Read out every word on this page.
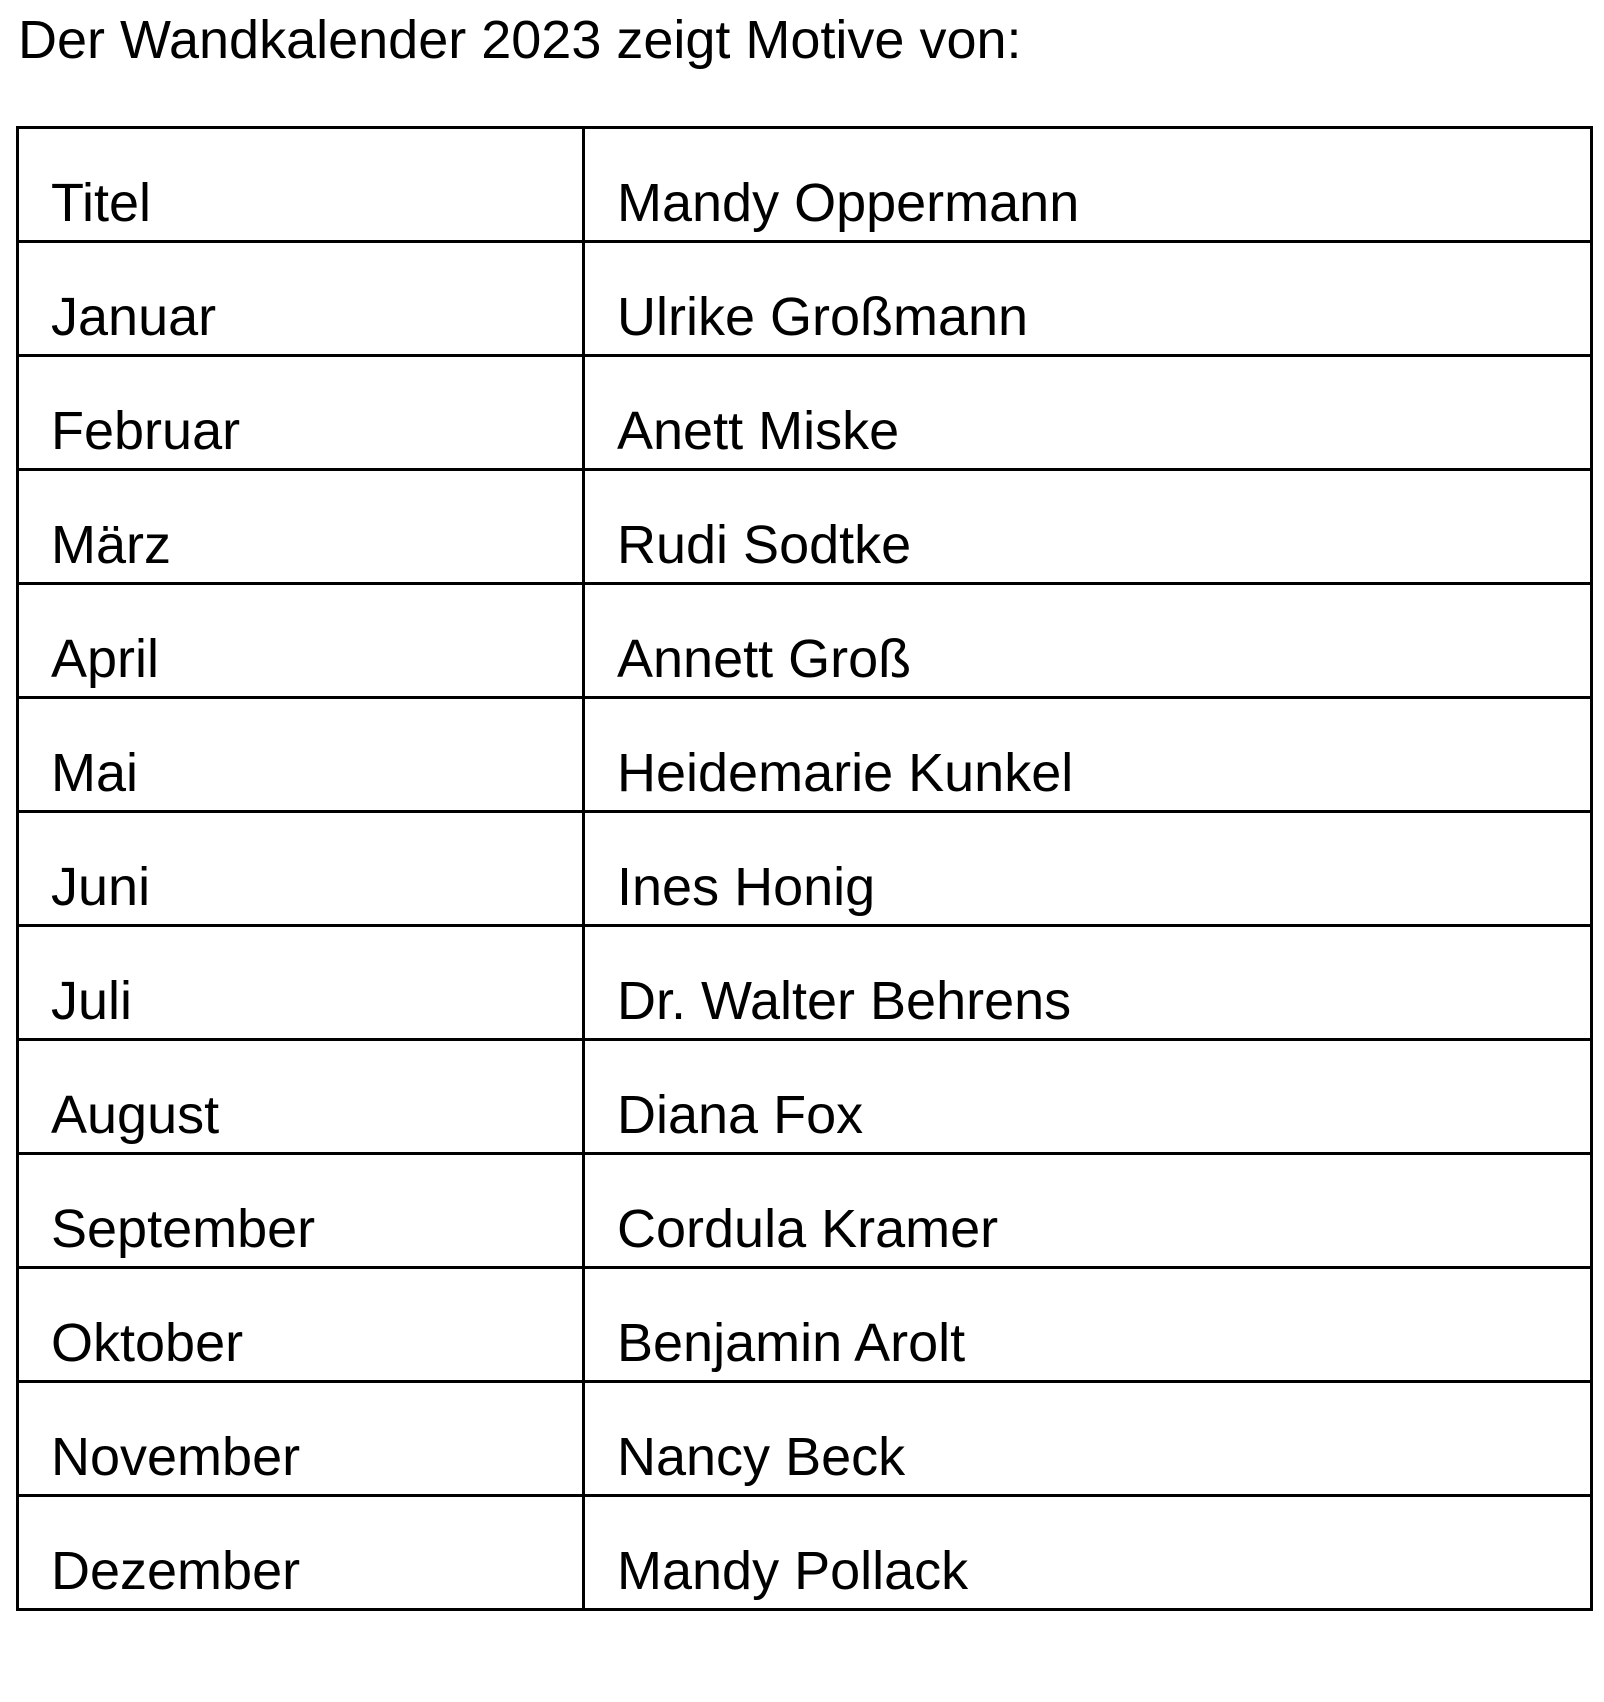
Der Wandkalender 2023 zeigt Motive von:
Titel	Mandy Oppermann
Januar	Ulrike Großmann
Februar	Anett Miske
März	Rudi Sodtke
April	Annett Groß
Mai	Heidemarie Kunkel
Juni	Ines Honig
Juli	Dr. Walter Behrens
August	Diana Fox
September	Cordula Kramer
Oktober	Benjamin Arolt
November	Nancy Beck
Dezember	Mandy Pollack
